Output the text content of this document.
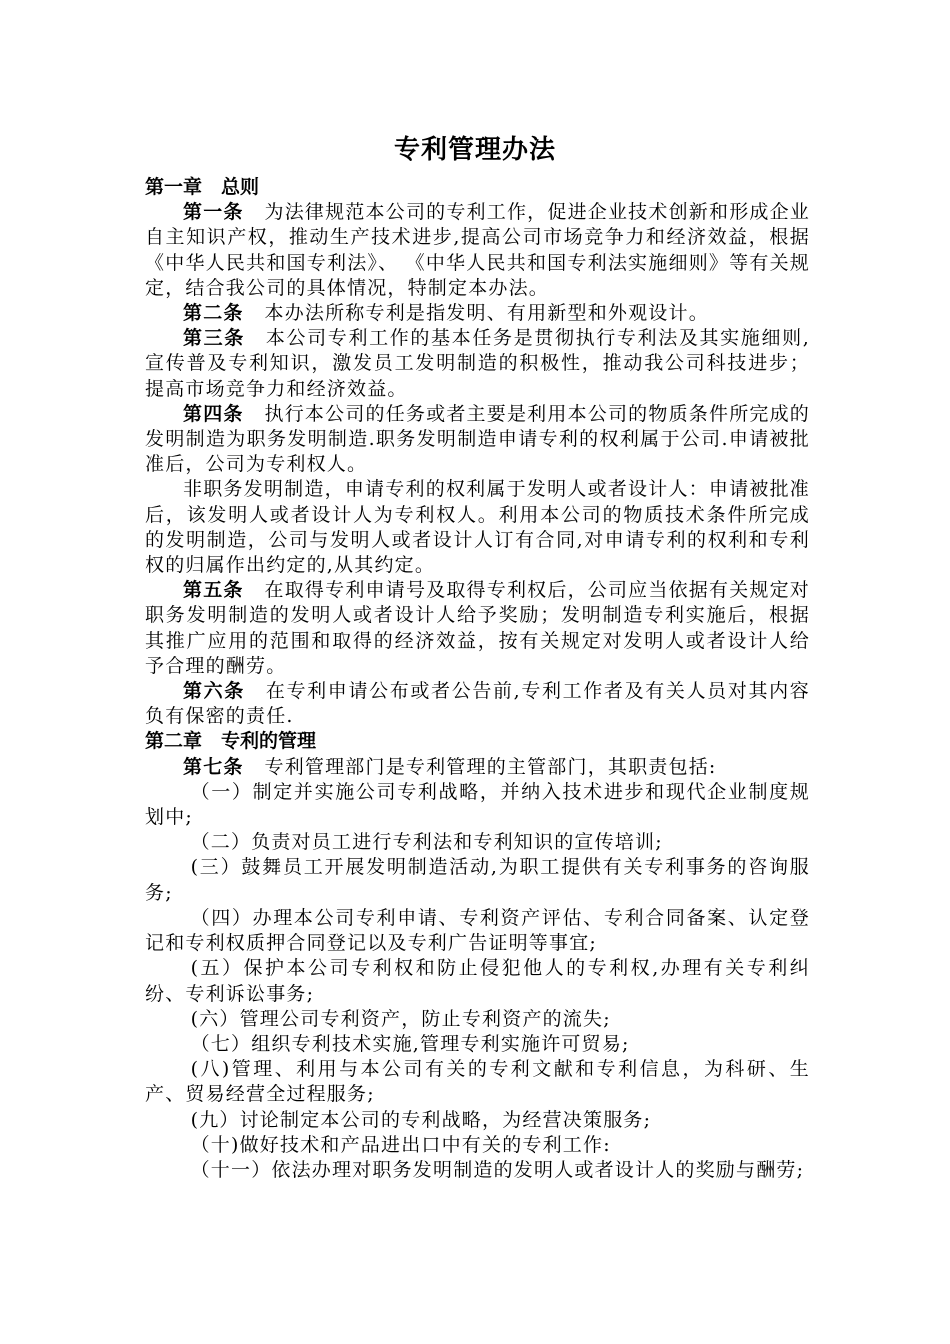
专利管理办法

第一章　总则

第一条 为法律规范本公司的专利工作，促进企业技术创新和形成企业自主知识产权，推动生产技术进步,提高公司市场竞争力和经济效益，根据《中华人民共和国专利法》、 《中华人民共和国专利法实施细则》等有关规定，结合我公司的具体情况，特制定本办法。

第二条 本办法所称专利是指发明、有用新型和外观设计。

第三条 本公司专利工作的基本任务是贯彻执行专利法及其实施细则,宣传普及专利知识，激发员工发明制造的积极性，推动我公司科技进步；提高市场竞争力和经济效益。

第四条 执行本公司的任务或者主要是利用本公司的物质条件所完成的发明制造为职务发明制造.职务发明制造申请专利的权利属于公司.申请被批准后，公司为专利权人。

非职务发明制造，申请专利的权利属于发明人或者设计人：申请被批准后，该发明人或者设计人为专利权人。利用本公司的物质技术条件所完成的发明制造，公司与发明人或者设计人订有合同,对申请专利的权利和专利权的归属作出约定的,从其约定。

第五条 在取得专利申请号及取得专利权后，公司应当依据有关规定对职务发明制造的发明人或者设计人给予奖励；发明制造专利实施后，根据其推广应用的范围和取得的经济效益，按有关规定对发明人或者设计人给予合理的酬劳。

第六条 在专利申请公布或者公告前,专利工作者及有关人员对其内容负有保密的责任.

第二章　专利的管理

第七条 专利管理部门是专利管理的主管部门，其职责包括:

（一）制定并实施公司专利战略，并纳入技术进步和现代企业制度规划中;

（二）负责对员工进行专利法和专利知识的宣传培训;

(三）鼓舞员工开展发明制造活动,为职工提供有关专利事务的咨询服务;

（四）办理本公司专利申请、专利资产评估、专利合同备案、认定登记和专利权质押合同登记以及专利广告证明等事宜;

(五）保护本公司专利权和防止侵犯他人的专利权,办理有关专利纠纷、专利诉讼事务;

(六）管理公司专利资产，防止专利资产的流失;

（七）组织专利技术实施,管理专利实施许可贸易;

(八)管理、利用与本公司有关的专利文献和专利信息，为科研、生产、贸易经营全过程服务;

(九）讨论制定本公司的专利战略，为经营决策服务;

（十)做好技术和产品进出口中有关的专利工作:

（十一）依法办理对职务发明制造的发明人或者设计人的奖励与酬劳;
